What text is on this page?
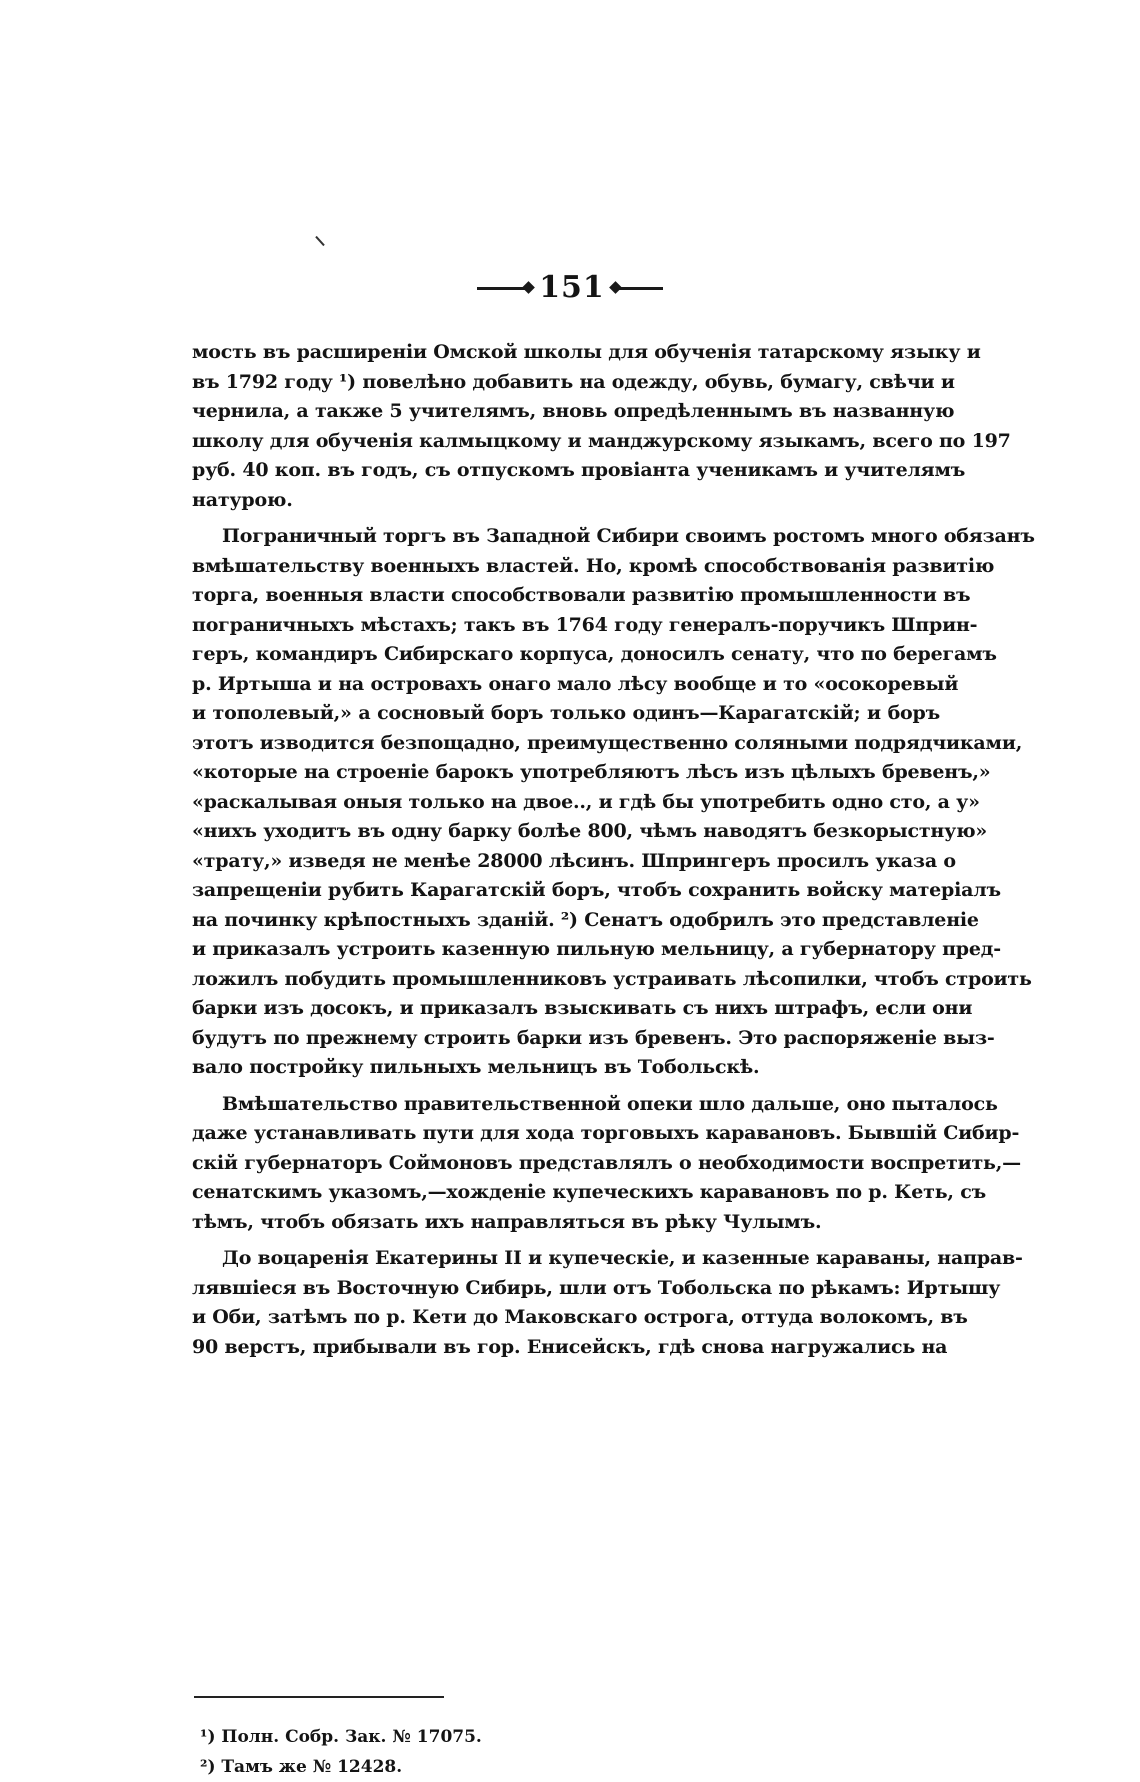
151
мость въ расширенiи Омской школы для обученiя татарскому языку и
въ 1792 году ¹) повелѣно добавить на одежду, обувь, бумагу, свѣчи и
чернила, а также 5 учителямъ, вновь опредѣленнымъ въ названную
школу для обученiя калмыцкому и манджурскому языкамъ, всего по 197
руб. 40 коп. въ годъ, съ отпускомъ провiанта ученикамъ и учителямъ
натурою.
Пограничный торгъ въ Западной Сибири своимъ ростомъ много обязанъ
вмѣшательству военныхъ властей. Но, кромѣ способствованiя развитiю
торга, военныя власти способствовали развитiю промышленности въ
пограничныхъ мѣстахъ; такъ въ 1764 году генералъ-поручикъ Шприн-
геръ, командиръ Сибирскаго корпуса, доносилъ сенату, что по берегамъ
р. Иртыша и на островахъ онаго мало лѣсу вообще и то «осокоревый
и тополевый,» а сосновый боръ только одинъ—Карагатскiй; и боръ
этотъ изводится безпощадно, преимущественно соляными подрядчиками,
«которые на строенiе барокъ употребляютъ лѣсъ изъ цѣлыхъ бревенъ,»
«раскалывая оныя только на двое.., и гдѣ бы употребить одно сто, а у»
«нихъ уходитъ въ одну барку болѣе 800, чѣмъ наводятъ безкорыстную»
«трату,» изведя не менѣе 28000 лѣсинъ. Шпрингеръ просилъ указа о
запрещенiи рубить Карагатскiй боръ, чтобъ сохранить войску матерiалъ
на починку крѣпостныхъ зданiй. ²) Сенатъ одобрилъ это представленiе
и приказалъ устроить казенную пильную мельницу, а губернатору пред-
ложилъ побудить промышленниковъ устраивать лѣсопилки, чтобъ строить
барки изъ досокъ, и приказалъ взыскивать съ нихъ штрафъ, если они
будутъ по прежнему строить барки изъ бревенъ. Это распоряженiе выз-
вало постройку пильныхъ мельницъ въ Тобольскѣ.
Вмѣшательство правительственной опеки шло дальше, оно пыталось
даже устанавливать пути для хода торговыхъ каравановъ. Бывшiй Сибир-
скiй губернаторъ Соймоновъ представлялъ о необходимости воспретить,—
сенатскимъ указомъ,—хожденiе купеческихъ каравановъ по р. Кеть, съ
тѣмъ, чтобъ обязать ихъ направляться въ рѣку Чулымъ.
До воцаренiя Екатерины II и купеческiе, и казенные караваны, направ-
лявшiеся въ Восточную Сибирь, шли отъ Тобольска по рѣкамъ: Иртышу
и Оби, затѣмъ по р. Кети до Маковскаго острога, оттуда волокомъ, въ
90 верстъ, прибывали въ гор. Енисейскъ, гдѣ снова нагружались на
¹) Полн. Собр. Зак. № 17075.
²) Тамъ же № 12428.
